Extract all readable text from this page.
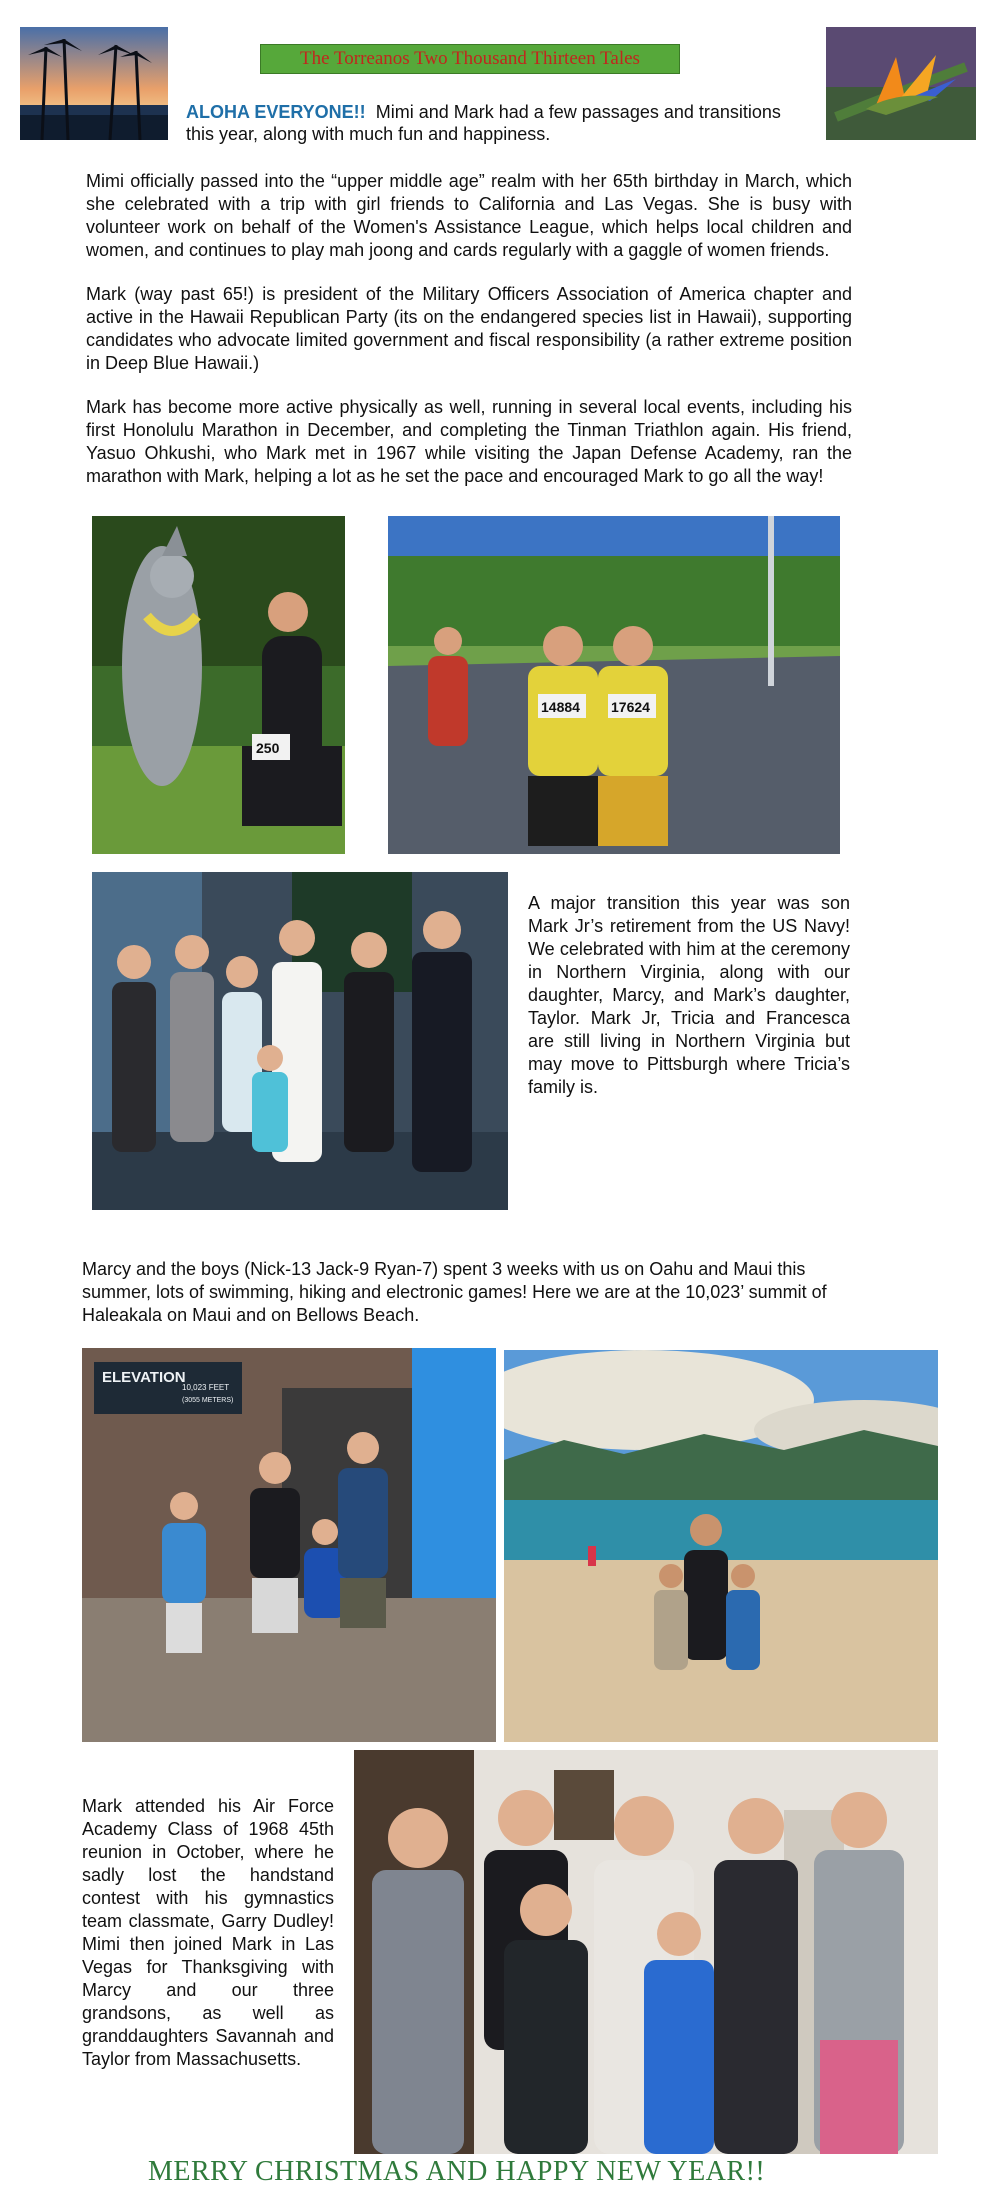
The Torreanos Two Thousand Thirteen Tales
ALOHA EVERYONE!! Mimi and Mark had a few passages and transitions this year, along with much fun and happiness.
Mimi officially passed into the “upper middle age” realm with her 65th birthday in March, which she celebrated with a trip with girl friends to California and Las Vegas. She is busy with volunteer work on behalf of the Women's Assistance League, which helps local children and women, and continues to play mah joong and cards regularly with a gaggle of women friends.
Mark (way past 65!) is president of the Military Officers Association of America chapter and active in the Hawaii Republican Party (its on the endangered species list in Hawaii), supporting candidates who advocate limited government and fiscal responsibility (a rather extreme position in Deep Blue Hawaii.)
Mark has become more active physically as well, running in several local events, including his first Honolulu Marathon in December, and completing the Tinman Triathlon again. His friend, Yasuo Ohkushi, who Mark met in 1967 while visiting the Japan Defense Academy, ran the marathon with Mark, helping a lot as he set the pace and encouraged Mark to go all the way!
250
14884 17624
A major transition this year was son Mark Jr’s retirement from the US Navy! We celebrated with him at the ceremony in Northern Virginia, along with our daughter, Marcy, and Mark’s daughter, Taylor. Mark Jr, Tricia and Francesca are still living in Northern Virginia but may move to Pittsburgh where Tricia’s family is.
Marcy and the boys (Nick-13 Jack-9 Ryan-7) spent 3 weeks with us on Oahu and Maui this summer, lots of swimming, hiking and electronic games! Here we are at the 10,023’ summit of Haleakala on Maui and on Bellows Beach.
ELEVATION
10,023 FEET
(3055 METERS)
Mark attended his Air Force Academy Class of 1968 45th reunion in October, where he sadly lost the handstand contest with his gymnastics team classmate, Garry Dudley! Mimi then joined Mark in Las Vegas for Thanksgiving with Marcy and our three grandsons, as well as granddaughters Savannah and Taylor from Massachusetts.
MERRY CHRISTMAS AND HAPPY NEW YEAR!!
